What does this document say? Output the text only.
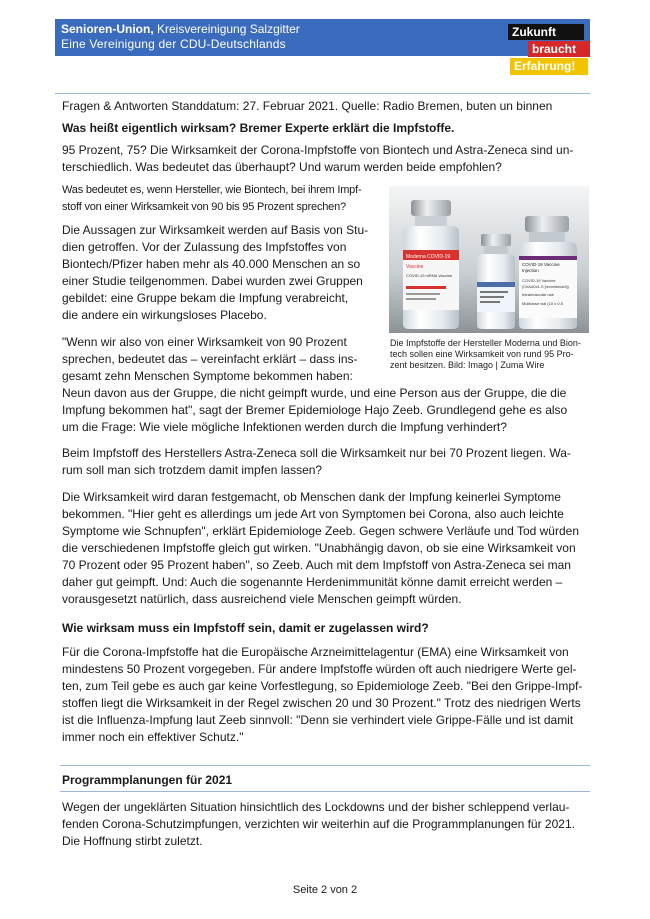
Senioren-Union, Kreisvereinigung Salzgitter
Eine Vereinigung der CDU-Deutschlands
Zukunft
braucht
Erfahrung!
Fragen & Antworten Standdatum: 27. Februar 2021. Quelle: Radio Bremen, buten un binnen
Was heißt eigentlich wirksam? Bremer Experte erklärt die Impfstoffe.
95 Prozent, 75? Die Wirksamkeit der Corona-Impfstoffe von Biontech und Astra-Zeneca sind un-
terschiedlich. Was bedeutet das überhaupt? Und warum werden beide empfohlen?
Was bedeutet es, wenn Hersteller, wie Biontech, bei ihrem Impf-
stoff von einer Wirksamkeit von 90 bis 95 Prozent sprechen?
Die Aussagen zur Wirksamkeit werden auf Basis von Stu-
dien getroffen. Vor der Zulassung des Impfstoffes von
Biontech/Pfizer haben mehr als 40.000 Menschen an so
einer Studie teilgenommen. Dabei wurden zwei Gruppen
gebildet: eine Gruppe bekam die Impfung verabreicht,
die andere ein wirkungsloses Placebo.
"Wenn wir also von einer Wirksamkeit von 90 Prozent
sprechen, bedeutet das – vereinfacht erklärt – dass ins-
gesamt zehn Menschen Symptome bekommen haben:
Neun davon aus der Gruppe, die nicht geimpft wurde, und eine Person aus der Gruppe, die die
Impfung bekommen hat", sagt der Bremer Epidemiologe Hajo Zeeb. Grundlegend gehe es also
um die Frage: Wie viele mögliche Infektionen werden durch die Impfung verhindert?
Beim Impfstoff des Herstellers Astra-Zeneca soll die Wirksamkeit nur bei 70 Prozent liegen. Wa-
rum soll man sich trotzdem damit impfen lassen?
Die Wirksamkeit wird daran festgemacht, ob Menschen dank der Impfung keinerlei Symptome
bekommen. "Hier geht es allerdings um jede Art von Symptomen bei Corona, also auch leichte
Symptome wie Schnupfen", erklärt Epidemiologe Zeeb. Gegen schwere Verläufe und Tod würden
die verschiedenen Impfstoffe gleich gut wirken. "Unabhängig davon, ob sie eine Wirksamkeit von
70 Prozent oder 95 Prozent haben", so Zeeb. Auch mit dem Impfstoff von Astra-Zeneca sei man
daher gut geimpft. Und: Auch die sogenannte Herdenimmunität könne damit erreicht werden –
vorausgesetzt natürlich, dass ausreichend viele Menschen geimpft würden.
Wie wirksam muss ein Impfstoff sein, damit er zugelassen wird?
Für die Corona-Impfstoffe hat die Europäische Arzneimittelagentur (EMA) eine Wirksamkeit von
mindestens 50 Prozent vorgegeben. Für andere Impfstoffe würden oft auch niedrigere Werte gel-
ten, zum Teil gebe es auch gar keine Vorfestlegung, so Epidemiologe Zeeb. "Bei den Grippe-Impf-
stoffen liegt die Wirksamkeit in der Regel zwischen 20 und 30 Prozent." Trotz des niedrigen Werts
ist die Influenza-Impfung laut Zeeb sinnvoll: "Denn sie verhindert viele Grippe-Fälle und ist damit
immer noch ein effektiver Schutz."
Moderna COVID-19
Vaccine
COVID-19 mRNA Vaccine
COVID-19 Vaccine
Injection
COVID-19 Vaccine
(ChAdOx1-S [recombinant])
Intramuscular use
Multidose vial (10 x 0.5
Die Impfstoffe der Hersteller Moderna und Bion-
tech sollen eine Wirksamkeit von rund 95 Pro-
zent besitzen. Bild: Imago | Zuma Wire
Programmplanungen für 2021
Wegen der ungeklärten Situation hinsichtlich des Lockdowns und der bisher schleppend verlau-
fenden Corona-Schutzimpfungen, verzichten wir weiterhin auf die Programmplanungen für 2021.
Die Hoffnung stirbt zuletzt.
Seite 2 von 2
